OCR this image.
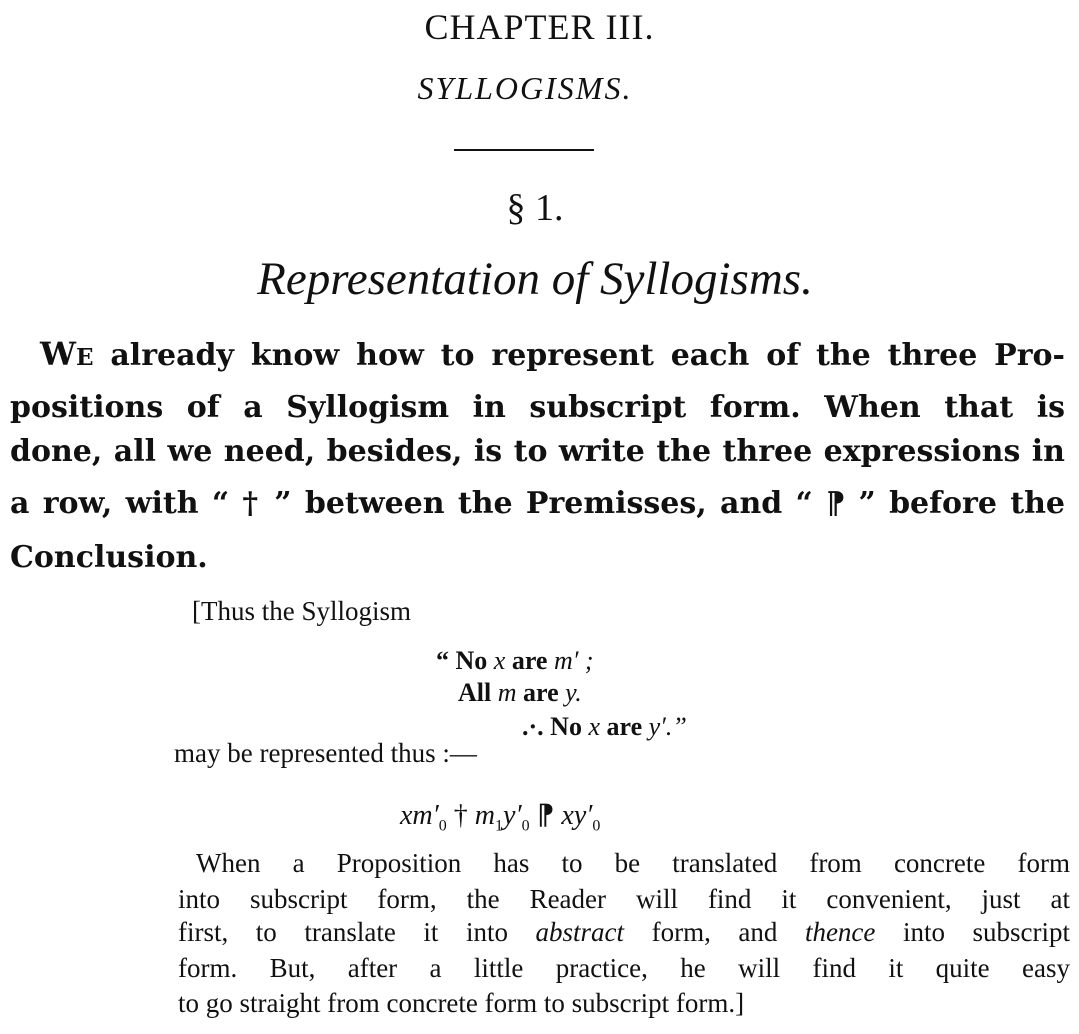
CHAPTER III.
SYLLOGISMS.
§ 1.
Representation of Syllogisms.
WE already know how to represent each of the three Pro-
positions of a Syllogism in subscript form. When that is
done, all we need, besides, is to write the three expressions in
a row, with “ † ” between the Premisses, and “ ⁋ ” before the
Conclusion.
[Thus the Syllogism
“ No x are m′ ;
All m are y.
.·. No x are y′.”
may be represented thus :—
$xm'_0$ † $m_1y'_0$ ⁋ $xy'_0$
When a Proposition has to be translated from concrete form
into subscript form, the Reader will find it convenient, just at
first, to translate it into abstract form, and thence into subscript
form. But, after a little practice, he will find it quite easy
to go straight from concrete form to subscript form.]
